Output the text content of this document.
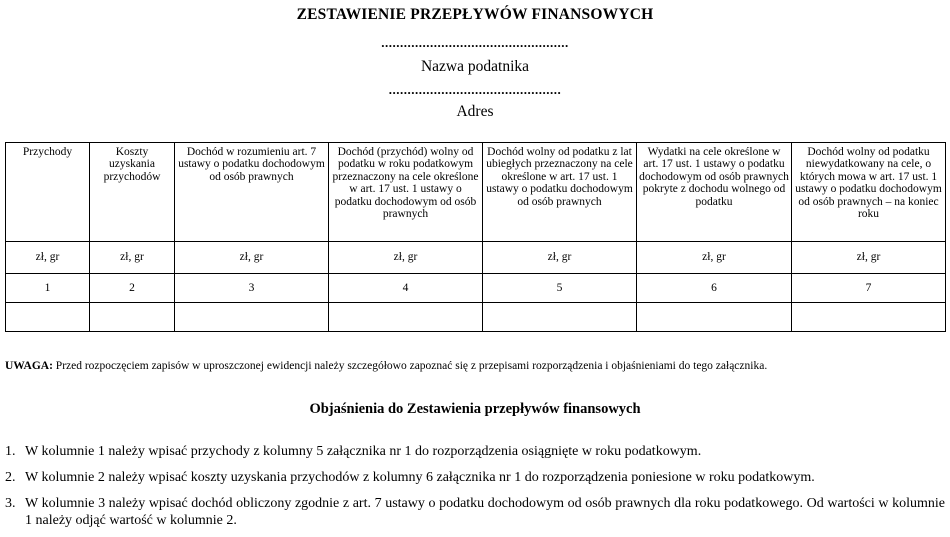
ZESTAWIENIE PRZEPŁYWÓW FINANSOWYCH
..................................................
Nazwa podatnika
..............................................
Adres
Przychody	Koszty uzyskania przychodów	Dochód w rozumieniu art. 7 ustawy o podatku dochodowym od osób prawnych	Dochód (przychód) wolny od podatku w roku podatkowym przeznaczony na cele określone w art. 17 ust. 1 ustawy o podatku dochodowym od osób prawnych	Dochód wolny od podatku z lat ubiegłych przeznaczony na cele określone w art. 17 ust. 1 ustawy o podatku dochodowym od osób prawnych	Wydatki na cele określone w art. 17 ust. 1 ustawy o podatku dochodowym od osób prawnych pokryte z dochodu wolnego od podatku	Dochód wolny od podatku niewydatkowany na cele, o których mowa w art. 17 ust. 1 ustawy o podatku dochodowym od osób prawnych – na koniec roku
zł, gr	zł, gr	zł, gr	zł, gr	zł, gr	zł, gr	zł, gr
1	2	3	4	5	6	7

UWAGA: Przed rozpoczęciem zapisów w uproszczonej ewidencji należy szczegółowo zapoznać się z przepisami rozporządzenia i objaśnieniami do tego załącznika.
Objaśnienia do Zestawienia przepływów finansowych
1. W kolumnie 1 należy wpisać przychody z kolumny 5 załącznika nr 1 do rozporządzenia osiągnięte w roku podatkowym.
2. W kolumnie 2 należy wpisać koszty uzyskania przychodów z kolumny 6 załącznika nr 1 do rozporządzenia poniesione w roku podatkowym.
3. W kolumnie 3 należy wpisać dochód obliczony zgodnie z art. 7 ustawy o podatku dochodowym od osób prawnych dla roku podatkowego. Od wartości w kolumnie 1 należy odjąć wartość w kolumnie 2.
